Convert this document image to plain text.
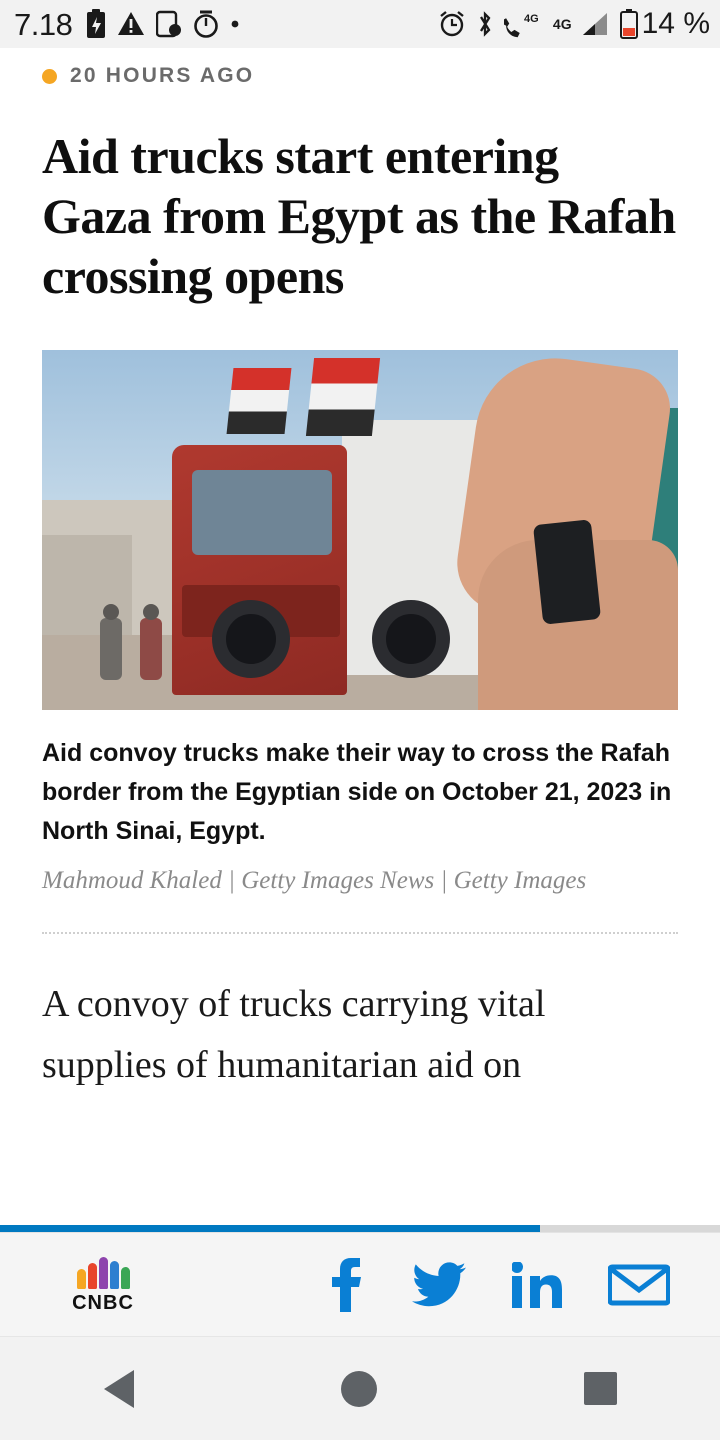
7.18	4G 4G 14 %
20 HOURS AGO
Aid trucks start entering Gaza from Egypt as the Rafah crossing opens

Aid convoy trucks make their way to cross the Rafah border from the Egyptian side on October 21, 2023 in North Sinai, Egypt.

Mahmoud Khaled | Getty Images News | Getty Images

A convoy of trucks carrying vital supplies of humanitarian aid on

CNBC
